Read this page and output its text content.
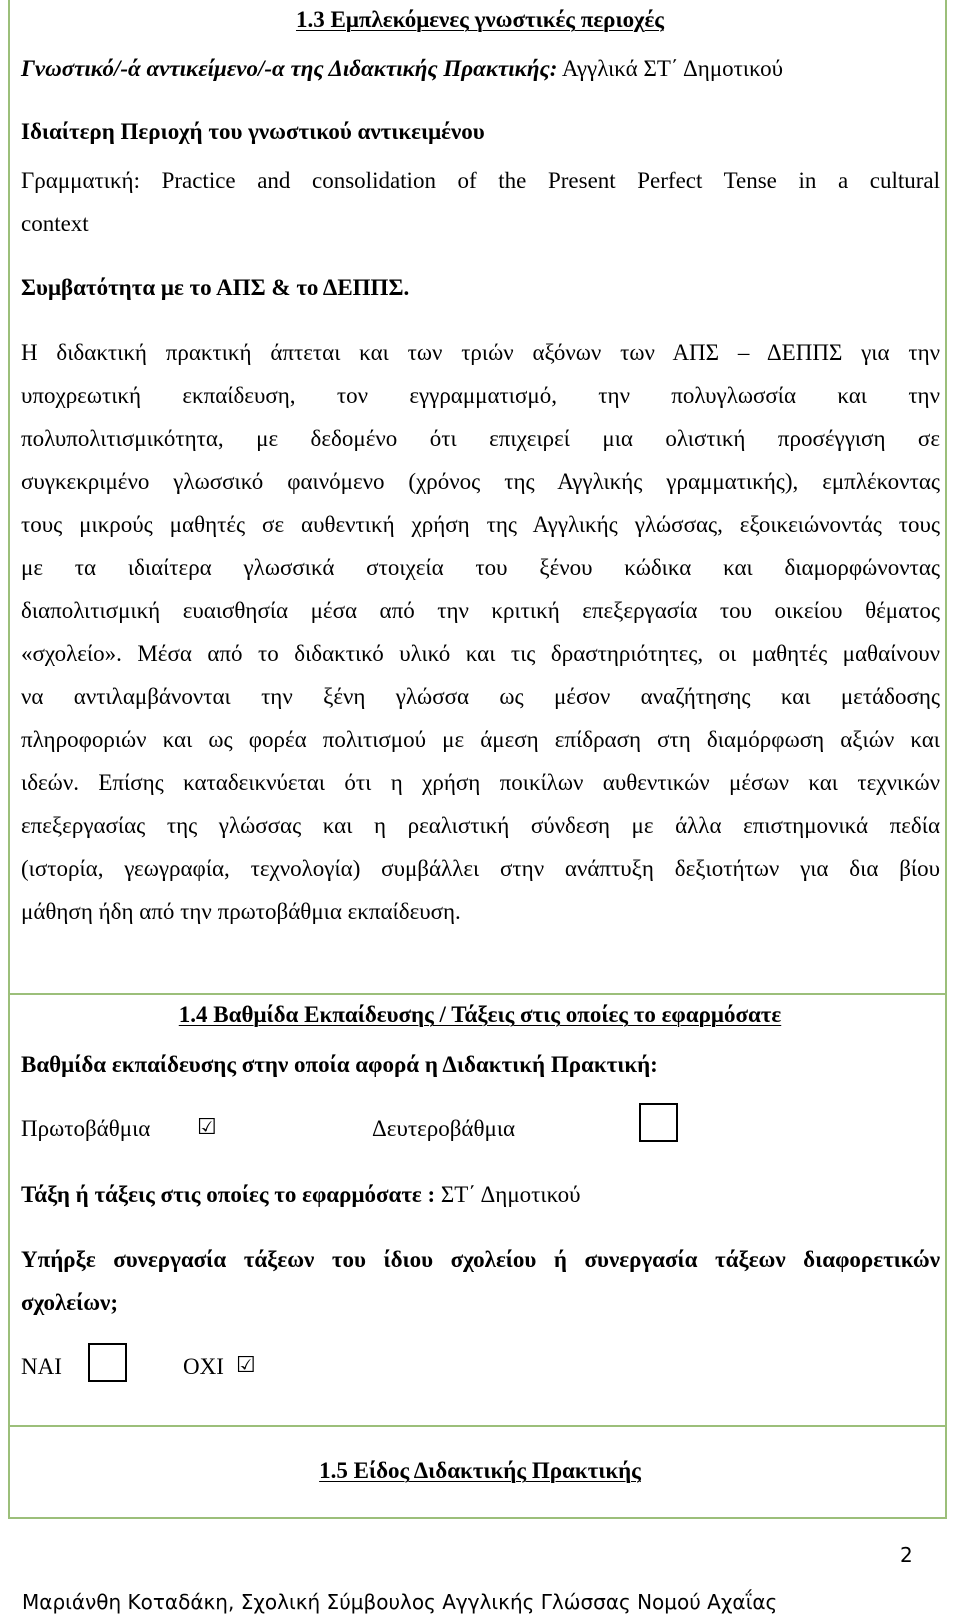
1.3 Εμπλεκόμενες γνωστικές περιοχές
Γνωστικό/-ά αντικείμενο/-α της Διδακτικής Πρακτικής: Αγγλικά ΣΤ΄ Δημοτικού
Ιδιαίτερη Περιοχή του γνωστικού αντικειμένου
Γραμματική: Practice and consolidation of the Present Perfect Tense in a cultural
context
Συμβατότητα με το ΑΠΣ & το ΔΕΠΠΣ.
Η διδακτική πρακτική άπτεται και των τριών αξόνων των ΑΠΣ – ΔΕΠΠΣ για την
υποχρεωτική εκπαίδευση, τον εγγραμματισμό, την πολυγλωσσία και την
πολυπολιτισμικότητα, με δεδομένο ότι επιχειρεί μια ολιστική προσέγγιση σε
συγκεκριμένο γλωσσικό φαινόμενο (χρόνος της Αγγλικής γραμματικής), εμπλέκοντας
τους μικρούς μαθητές σε αυθεντική χρήση της Αγγλικής γλώσσας, εξοικειώνοντάς τους
με τα ιδιαίτερα γλωσσικά στοιχεία του ξένου κώδικα και διαμορφώνοντας
διαπολιτισμική ευαισθησία μέσα από την κριτική επεξεργασία του οικείου θέματος
«σχολείο». Μέσα από το διδακτικό υλικό και τις δραστηριότητες, οι μαθητές μαθαίνουν
να αντιλαμβάνονται την ξένη γλώσσα ως μέσον αναζήτησης και μετάδοσης
πληροφοριών και ως φορέα πολιτισμού με άμεση επίδραση στη διαμόρφωση αξιών και
ιδεών. Επίσης καταδεικνύεται ότι η χρήση ποικίλων αυθεντικών μέσων και τεχνικών
επεξεργασίας της γλώσσας και η ρεαλιστική σύνδεση με άλλα επιστημονικά πεδία
(ιστορία, γεωγραφία, τεχνολογία) συμβάλλει στην ανάπτυξη δεξιοτήτων για δια βίου
μάθηση ήδη από την πρωτοβάθμια εκπαίδευση.
1.4 Βαθμίδα Εκπαίδευσης / Τάξεις στις οποίες το εφαρμόσατε
Βαθμίδα εκπαίδευσης στην οποία αφορά η Διδακτική Πρακτική:
Πρωτοβάθμια ☑	Δευτεροβάθμια
Τάξη ή τάξεις στις οποίες το εφαρμόσατε : ΣΤ΄ Δημοτικού
Υπήρξε συνεργασία τάξεων του ίδιου σχολείου ή συνεργασία τάξεων διαφορετικών
σχολείων;
ΝΑΙ	ΟΧΙ ☑
1.5 Είδος Διδακτικής Πρακτικής
2
Μαριάνθη Κοταδάκη, Σχολική Σύμβουλος Αγγλικής Γλώσσας Νομού Αχαΐας
